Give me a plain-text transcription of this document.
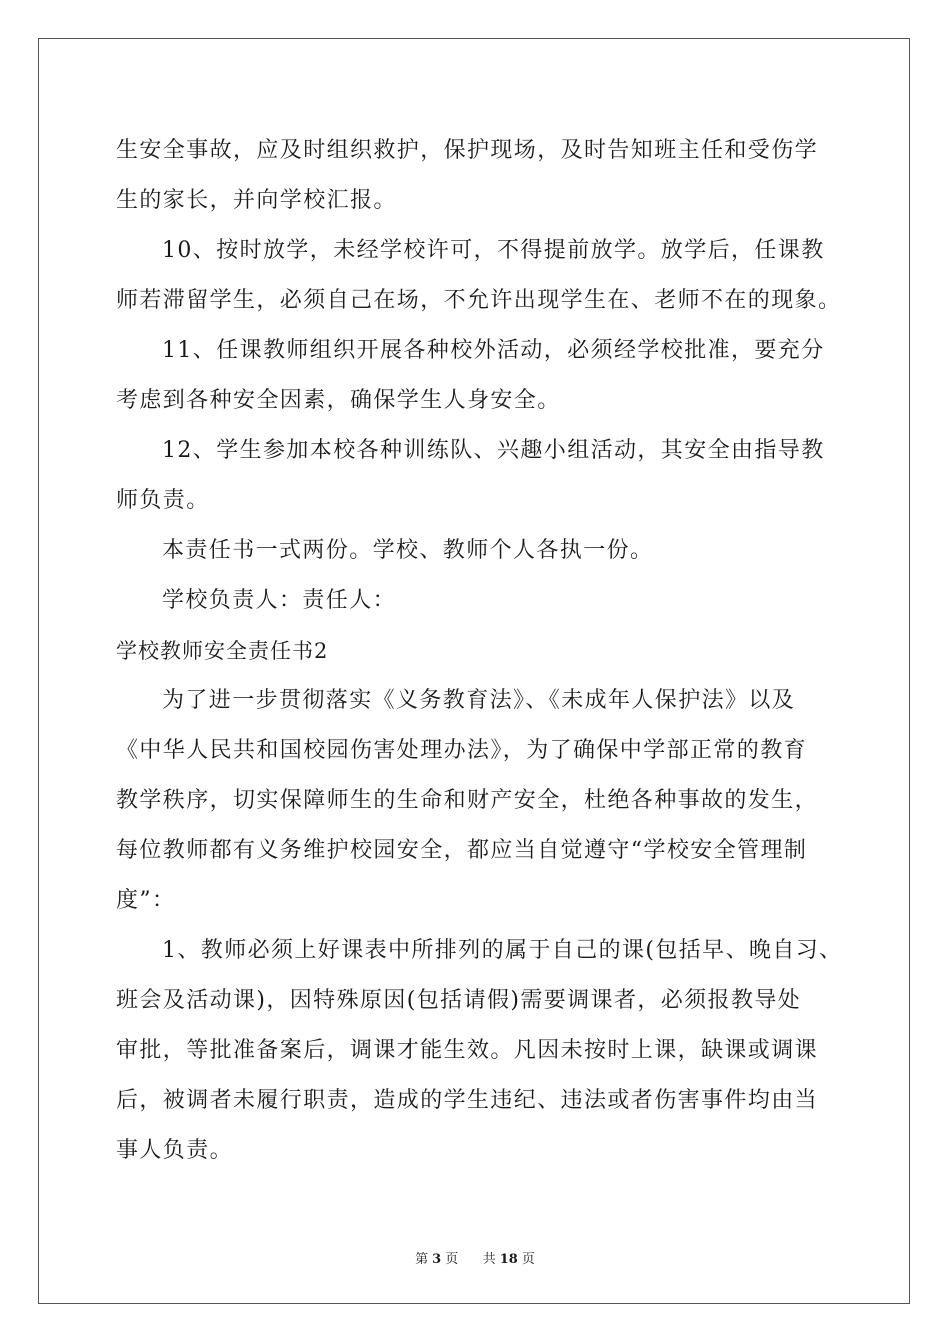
生安全事故，应及时组织救护，保护现场，及时告知班主任和受伤学
生的家长，并向学校汇报。
10、按时放学，未经学校许可，不得提前放学。放学后，任课教
师若滞留学生，必须自己在场，不允许出现学生在、老师不在的现象。
11、任课教师组织开展各种校外活动，必须经学校批准，要充分
考虑到各种安全因素，确保学生人身安全。
12、学生参加本校各种训练队、兴趣小组活动，其安全由指导教
师负责。
本责任书一式两份。学校、教师个人各执一份。
学校负责人：责任人：
学校教师安全责任书2
为了进一步贯彻落实《义务教育法》、《未成年人保护法》以及
《中华人民共和国校园伤害处理办法》，为了确保中学部正常的教育
教学秩序，切实保障师生的生命和财产安全，杜绝各种事故的发生，
每位教师都有义务维护校园安全，都应当自觉遵守“学校安全管理制
度”：
1、教师必须上好课表中所排列的属于自己的课(包括早、晚自习、
班会及活动课)，因特殊原因(包括请假)需要调课者，必须报教导处
审批，等批准备案后，调课才能生效。凡因未按时上课，缺课或调课
后，被调者未履行职责，造成的学生违纪、违法或者伤害事件均由当
事人负责。
第 3 页 共 18 页
